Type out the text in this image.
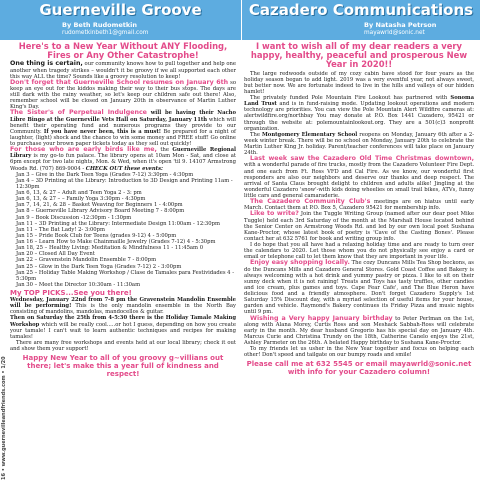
16 • www.guernevilleandfriends.com • 1/20
Guerneville Groove
By Beth Rudometkin
rudometkinbeth1@gmail.com
Cazadero Communications
By Natasha Petrson
mayawrld@sonic.net
Here's to a New Year Without ANY Flooding, Fires or Any Other Catastrophe!

One thing is certain, our community knows how to pull together and help one another when tragedy strikes – wouldn't it be groovy if we all supported each other this way ALL the time? Sounds like a groovy resolution to keep!

Don't forget that Guerneville School resumes on January 6th so keep an eye out for the kiddos making their way to their bus stops. The days are still dark with the rainy weather, so let's keep our children safe out there! Also, remember school will be closed on January 20th in observance of Martin Luther King's Day.

The Sister's of Perpetual Indulgence will be having their Nacho Libre Bingo at the Guerneville Vets Hall on Saturday, January 11th which will benefit their operating fund and numerous programs they provide to our Community. If you have never been, this is a must! Be prepared for a night of laughter, (light) shock and the chance to win some money and FREE stuff! Go online to purchase your brown paper tickets today as they sell out quickly!

For those who are early birds like me, the Guerneville Regional Library is my go-to fun palace. The library opens at 10am Mon - Sat, and close at 6pm except for two late nights, Mon. & Wed, when it's open 'til 9. 14107 Armstrong Woods Rd. (707) 869-9004 - CHECK OUT these events:

Jan 3 – Give in the Dark Teen Yoga (Grades 7-12) 3:30pm - 4:30pm
Jan 4 – 3D Printing at the Library: Introduction to 3D Design and Printing 11am - 12:30pm
Jan 6, 13, & 27 – Adult and Teen Yoga 2 - 3: pm
Jan 6, 13, & 27 – – Family Yoga 3:30pm - 4:30pm
Jan 7, 14, 21, & 28 – Basket Weaving for Beginners 1 - 4:00pm
Jan 8 – Guerneville Library Advisory Board Meeting 7 - 8:00pm
Jan 9 – Book Discussion -12:30pm - 1:30pm
Jan 11 – 3D Printing at the Library: Intermediate Design 11:00am - 12:30pm
Jan 11 – The Bat Lady! 2- 3:00pm
Jan 15 – Pride Book Club for Teens (grades 9-12) 4 - 5:00pm
Jan 16 – Learn How to Make Chainmaille Jewelry (Grades 7-12) 4 - 5:30pm
Jan 18, 25 – Healthy Living: Meditation & Mindfulness 11 - 11:45am 0
Jan 20 – Closed All Day Event
Jan 22 – Gravenstein Mandolin Ensemble 7 - 8:00pm
Jan 25 – Glow in the Dark Teen Yoga (Grades 7-12) 2 - 3:00pm
Jan 25 – Holiday Table Making Workshop / Clase de Tamales para Festividades 4 - 5:30pm
Jan 30 – Meet the Director 10:30am - 11:30am
My TOP PICKS...See you there!

Wednesday, January 22nd from 7-8 pm the Gravenstein Mandolin Ensemble will be performing! This is the only mandolin ensemble in the North Bay consisting of mandolins, mandolas, mandocellos & guitar.

Then on Saturday the 25th from 4-5:30 there is the Holiday Tamale Making Workshop which will be really cool.....or hot I guess, depending on how you create your tamale! I can't wait to learn authentic techniques and recipes for making tamales!

There are many free workshops and events held at our local library; check it out and show them your support!

Happy New Year to all of you groovy g~villians out there; let's make this a year full of kindness and respect!
I want to wish all of my dear readers a very happy, healthy, peaceful and prosperous New Year in 2020!!

The large redwoods outside of my cozy cabin have stood for four years as the holiday season began to add light. 2019 was a very eventful year, not always sweet, but better now. We are fortunate indeed to live in the hills and valleys of our hidden hamlet!

The privately funded Pole Mountain Fire Lookout has partnered with Sonoma Land Trust and is in fund-raising mode. Updating lookout operations and modern technology are priorities. You can view the Pole Mountain Alert Wildfire cameras at: alertwildfire.org/northbay You may donate at P.O. Box 1441 Cazadero, 95421 or through the website at: polemountainlookout.org. They are a 501(c)3 nonprofit organization.

The Montgomery Elementary School reopens on Monday, January 6th after a 2-week winter break. There will be no school on Monday, January 20th to celebrate the Martin Luther King Jr. holiday. Parent/teacher conferences will take place on January 24th.

Last week saw the Cazadero Old Time Christmas downtown, with a wonderful parade of fire trucks, mostly from the Cazadero Volunteer Fire Dept. and one each from Ft. Ross VFD and Cal Fire. As we know, our wonderful first responders are also our neighbors and deserve our thanks and deep respect. The arrival of Santa Claus brought delight to children and adults alike! Jingling at the wonderful Cazadero 'snow'-with kids doing wheelies on small trail bikes, ATVs, funny little cars and general camaraderie.

The Cazadero Community Club's meetings are on hiatus until early March. Contact them at P.O. Box 5, Cazadero 95421 for membership info.

Like to write? Join the Tuggle Writing Group (named after our dear poet Mike Tuggle) held each 3rd Saturday of the month at the Marshall House located behind the Senior Center on Armstrong Woods Rd. and led by our own local poet Sushana Kane-Proctor, whose latest book of poetry is 'Cave of the Casting Bones'. Please contact her at 632 5761 for book and writing group info.

I do hope that you all have had a relaxing holiday time and are ready to turn over the calendars to 2020. Let those whom you do not physically see enjoy a card or email or telephone call to let them know that they are important in your life.

Enjoy easy shopping locally. The cozy Duncans Mills Tea Shop beckons, as do the Duncans Mills and Cazadero General Stores. Gold Coast Coffee and Bakery is always welcoming with a hot drink and yummy pastry or pizza. I like to sit on their sunny deck when it is not raining! Treats and Toys has tasty truffles, other candies and ice cream, plus games and toys. Cape Fear Cafe', and The Blue Heron have delicious food and a friendly atmosphere. Don't forget Cazadero Supply's 1st Saturday 15% Discount day, with a myriad selection of useful items for your house, garden and vehicle. Raymond's Bakery continues its Friday Pizza and music nights until 9 pm.

Wishing a Very happy January birthday to Peter Perlman on the 1st, along with Alana Morey, Curtis Ross and son Meshack Sabbah-Ross will celebrate early in the month. My dear husband Gregorio has his special day on January 4th. Marcus Curie and Christina Trundy on the 18th, Catherine Canelo enjoys the 21st, Ashley Parmeter on the 26th. A belated Happy birthday to Sushana Kane-Proctor.

To my friends let us usher in the New Year together and focus on helping each other! Don't speed and tailgate on our bumpy roads and smile!

Please call me at 632 5545 or email mayawrld@sonic.net with info for your Cazadero column!
